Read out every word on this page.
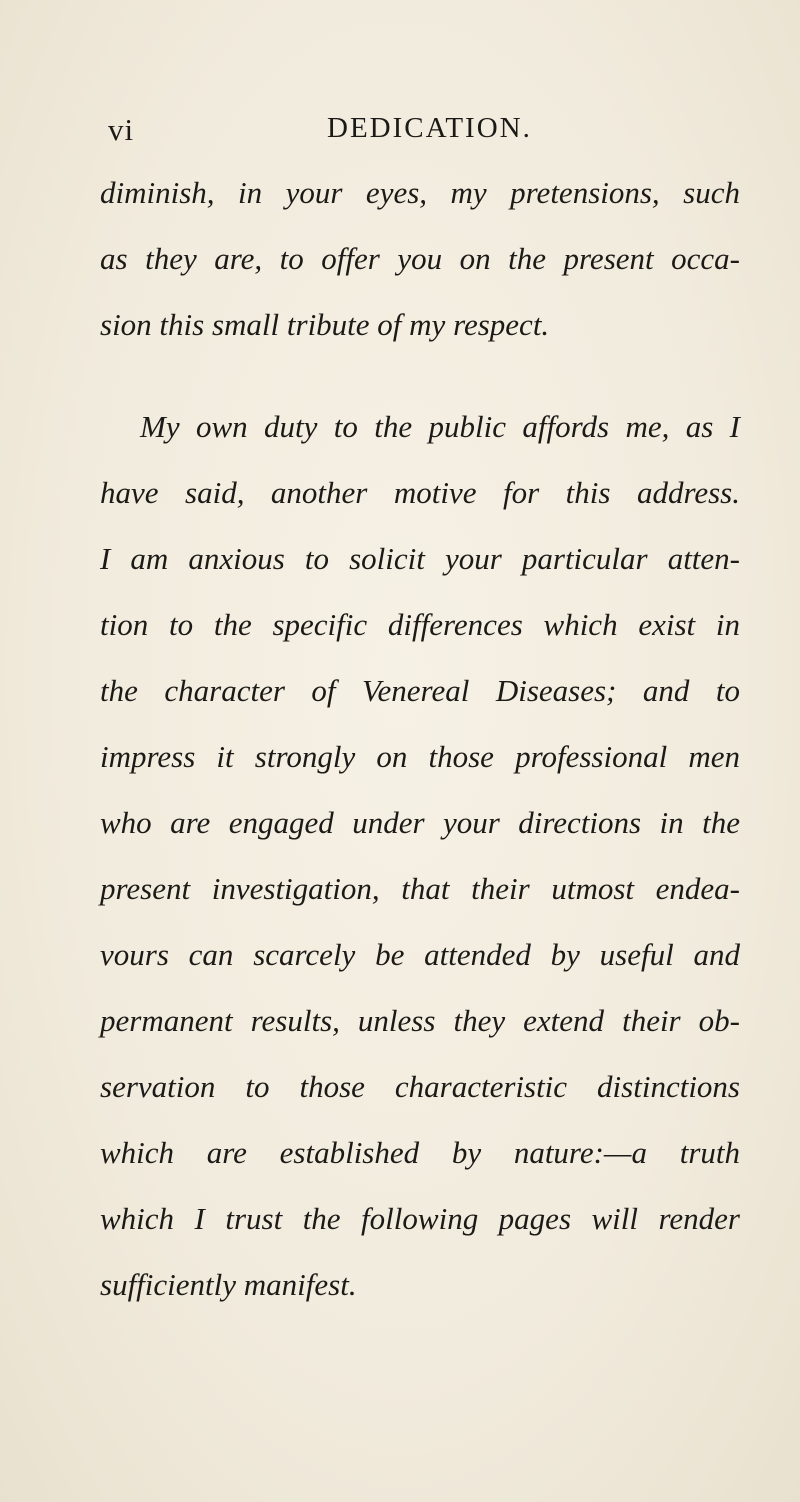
vi	DEDICATION.
diminish, in your eyes, my pretensions, such
as they are, to offer you on the present occa-
sion this small tribute of my respect.
My own duty to the public affords me, as I
have said, another motive for this address.
I am anxious to solicit your particular atten-
tion to the specific differences which exist in
the character of Venereal Diseases; and to
impress it strongly on those professional men
who are engaged under your directions in the
present investigation, that their utmost endea-
vours can scarcely be attended by useful and
permanent results, unless they extend their ob-
servation to those characteristic distinctions
which are established by nature:—a truth
which I trust the following pages will render
sufficiently manifest.
